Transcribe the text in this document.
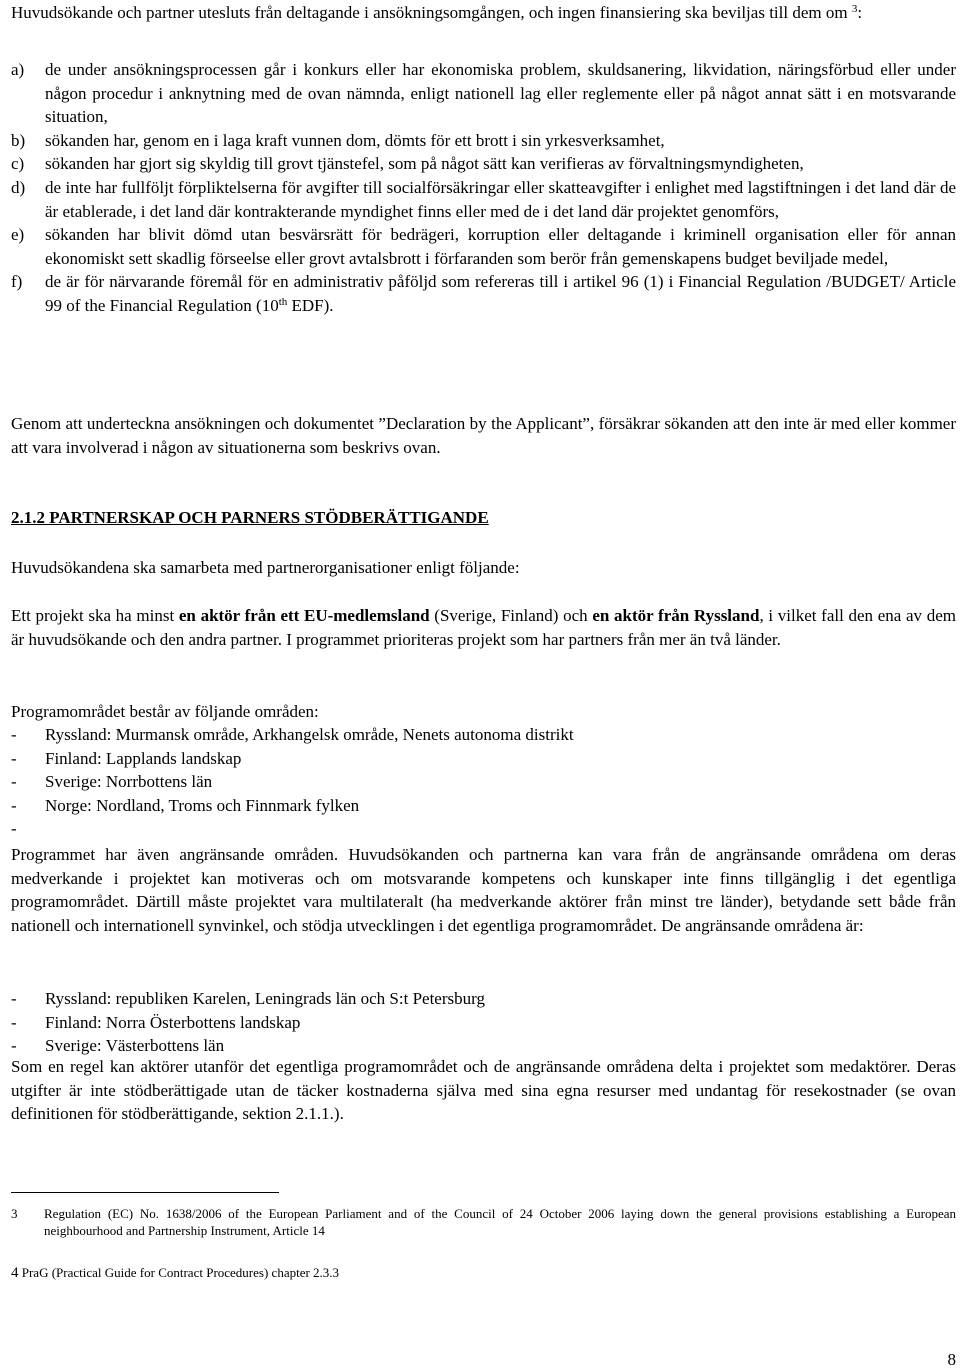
Huvudsökande och partner utesluts från deltagande i ansökningsomgången, och ingen finansiering ska beviljas till dem om $^3$:

a) de under ansökningsprocessen går i konkurs eller har ekonomiska problem, skuldsanering, likvidation, näringsförbud eller under någon procedur i anknytning med de ovan nämnda, enligt nationell lag eller reglemente eller på något annat sätt i en motsvarande situation,
b) sökanden har, genom en i laga kraft vunnen dom, dömts för ett brott i sin yrkesverksamhet,
c) sökanden har gjort sig skyldig till grovt tjänstefel, som på något sätt kan verifieras av förvaltningsmyndigheten,
d) de inte har fullföljt förpliktelserna för avgifter till socialförsäkringar eller skatteavgifter i enlighet med lagstiftningen i det land där de är etablerade, i det land där kontrakterande myndighet finns eller med de i det land där projektet genomförs,
e) sökanden har blivit dömd utan besvärsrätt för bedrägeri, korruption eller deltagande i kriminell organisation eller för annan ekonomiskt sett skadlig förseelse eller grovt avtalsbrott i förfaranden som berör från gemenskapens budget beviljade medel,
f) de är för närvarande föremål för en administrativ påföljd som refereras till i artikel 96 (1) i Financial Regulation /BUDGET/ Article 99 of the Financial Regulation (10th EDF).

Genom att underteckna ansökningen och dokumentet ”Declaration by the Applicant”, försäkrar sökanden att den inte är med eller kommer att vara involverad i någon av situationerna som beskrivs ovan.

2.1.2 PARTNERSKAP OCH PARNERS STÖDBERÄTTIGANDE

Huvudsökandena ska samarbeta med partnerorganisationer enligt följande:

Ett projekt ska ha minst en aktör från ett EU-medlemsland (Sverige, Finland) och en aktör från Ryssland, i vilket fall den ena av dem är huvudsökande och den andra partner. I programmet prioriteras projekt som har partners från mer än två länder.

Programområdet består av följande områden:

- Ryssland: Murmansk område, Arkhangelsk område, Nenets autonoma distrikt
- Finland: Lapplands landskap
- Sverige: Norrbottens län
- Norge: Nordland, Troms och Finnmark fylken
-

Programmet har även angränsande områden. Huvudsökanden och partnerna kan vara från de angränsande områdena om deras medverkande i projektet kan motiveras och om motsvarande kompetens och kunskaper inte finns tillgänglig i det egentliga programområdet. Därtill måste projektet vara multilateralt (ha medverkande aktörer från minst tre länder), betydande sett både från nationell och internationell synvinkel, och stödja utvecklingen i det egentliga programområdet. De angränsande områdena är:

- Ryssland: republiken Karelen, Leningrads län och S:t Petersburg
- Finland: Norra Österbottens landskap
- Sverige: Västerbottens län

Som en regel kan aktörer utanför det egentliga programområdet och de angränsande områdena delta i projektet som medaktörer. Deras utgifter är inte stödberättigade utan de täcker kostnaderna själva med sina egna resurser med undantag för resekostnader (se ovan definitionen för stödberättigande, sektion 2.1.1.).

3 Regulation (EC) No. 1638/2006 of the European Parliament and of the Council of 24 October 2006 laying down the general provisions establishing a European neighbourhood and Partnership Instrument, Article 14

4 PraG (Practical Guide for Contract Procedures) chapter 2.3.3
8
